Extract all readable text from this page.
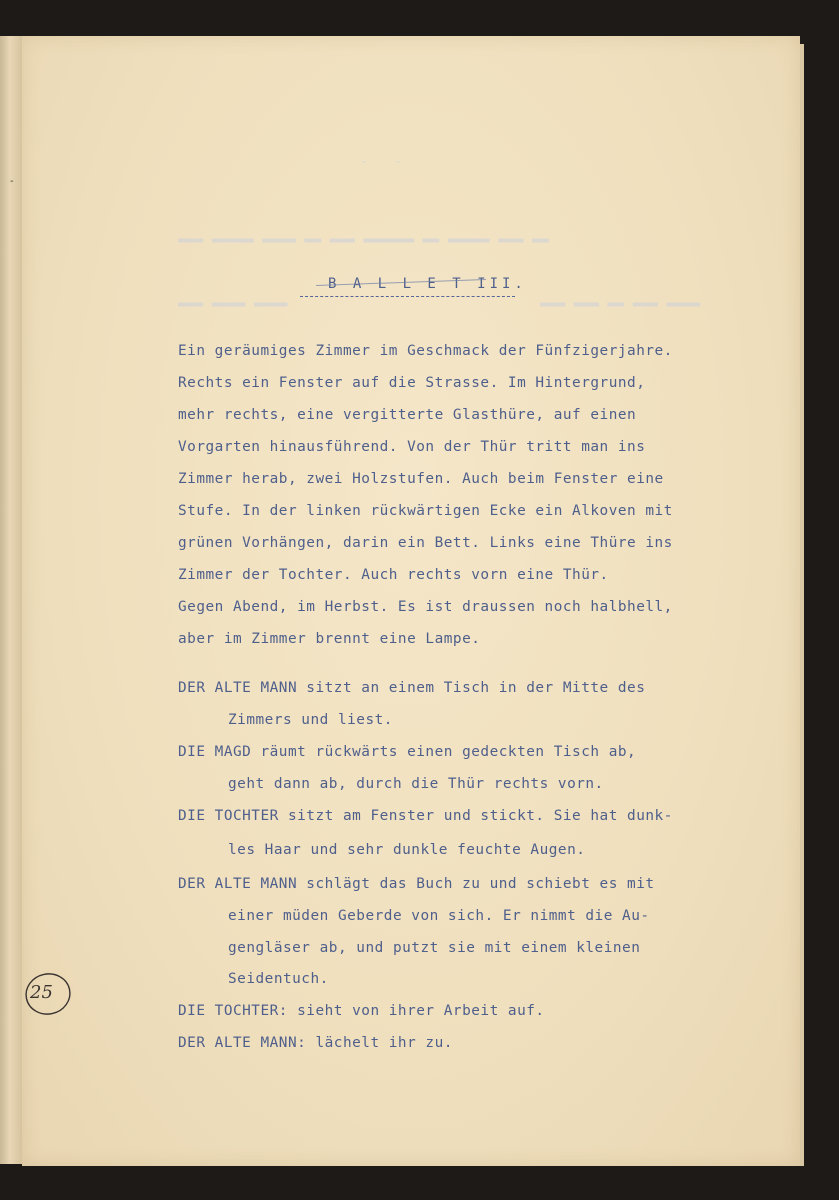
‐
-   -
▬▬▬ ▬▬▬▬▬ ▬▬▬▬ ▬▬ ▬▬▬ ▬▬▬▬▬▬ ▬▬ ▬▬▬▬▬ ▬▬▬ ▬▬
▬▬▬ ▬▬▬▬ ▬▬▬▬	▬▬▬ ▬▬▬ ▬▬ ▬▬▬ ▬▬▬▬
B A L L E T III.
Ein geräumiges Zimmer im Geschmack der Fünfzigerjahre.
Rechts ein Fenster auf die Strasse. Im Hintergrund,
mehr rechts, eine vergitterte Glasthüre, auf einen
Vorgarten hinausführend. Von der Thür tritt man ins
Zimmer herab, zwei Holzstufen. Auch beim Fenster eine
Stufe. In der linken rückwärtigen Ecke ein Alkoven mit
grünen Vorhängen, darin ein Bett. Links eine Thüre ins
Zimmer der Tochter. Auch rechts vorn eine Thür.
Gegen Abend, im Herbst. Es ist draussen noch halbhell,
aber im Zimmer brennt eine Lampe.
DER ALTE MANN sitzt an einem Tisch in der Mitte des
Zimmers und liest.
DIE MAGD räumt rückwärts einen gedeckten Tisch ab,
geht dann ab, durch die Thür rechts vorn.
DIE TOCHTER sitzt am Fenster und stickt. Sie hat dunk-
les Haar und sehr dunkle feuchte Augen.
DER ALTE MANN schlägt das Buch zu und schiebt es mit
einer müden Geberde von sich. Er nimmt die Au-
gengläser ab, und putzt sie mit einem kleinen
Seidentuch.
DIE TOCHTER: sieht von ihrer Arbeit auf.
DER ALTE MANN: lächelt ihr zu.
25
